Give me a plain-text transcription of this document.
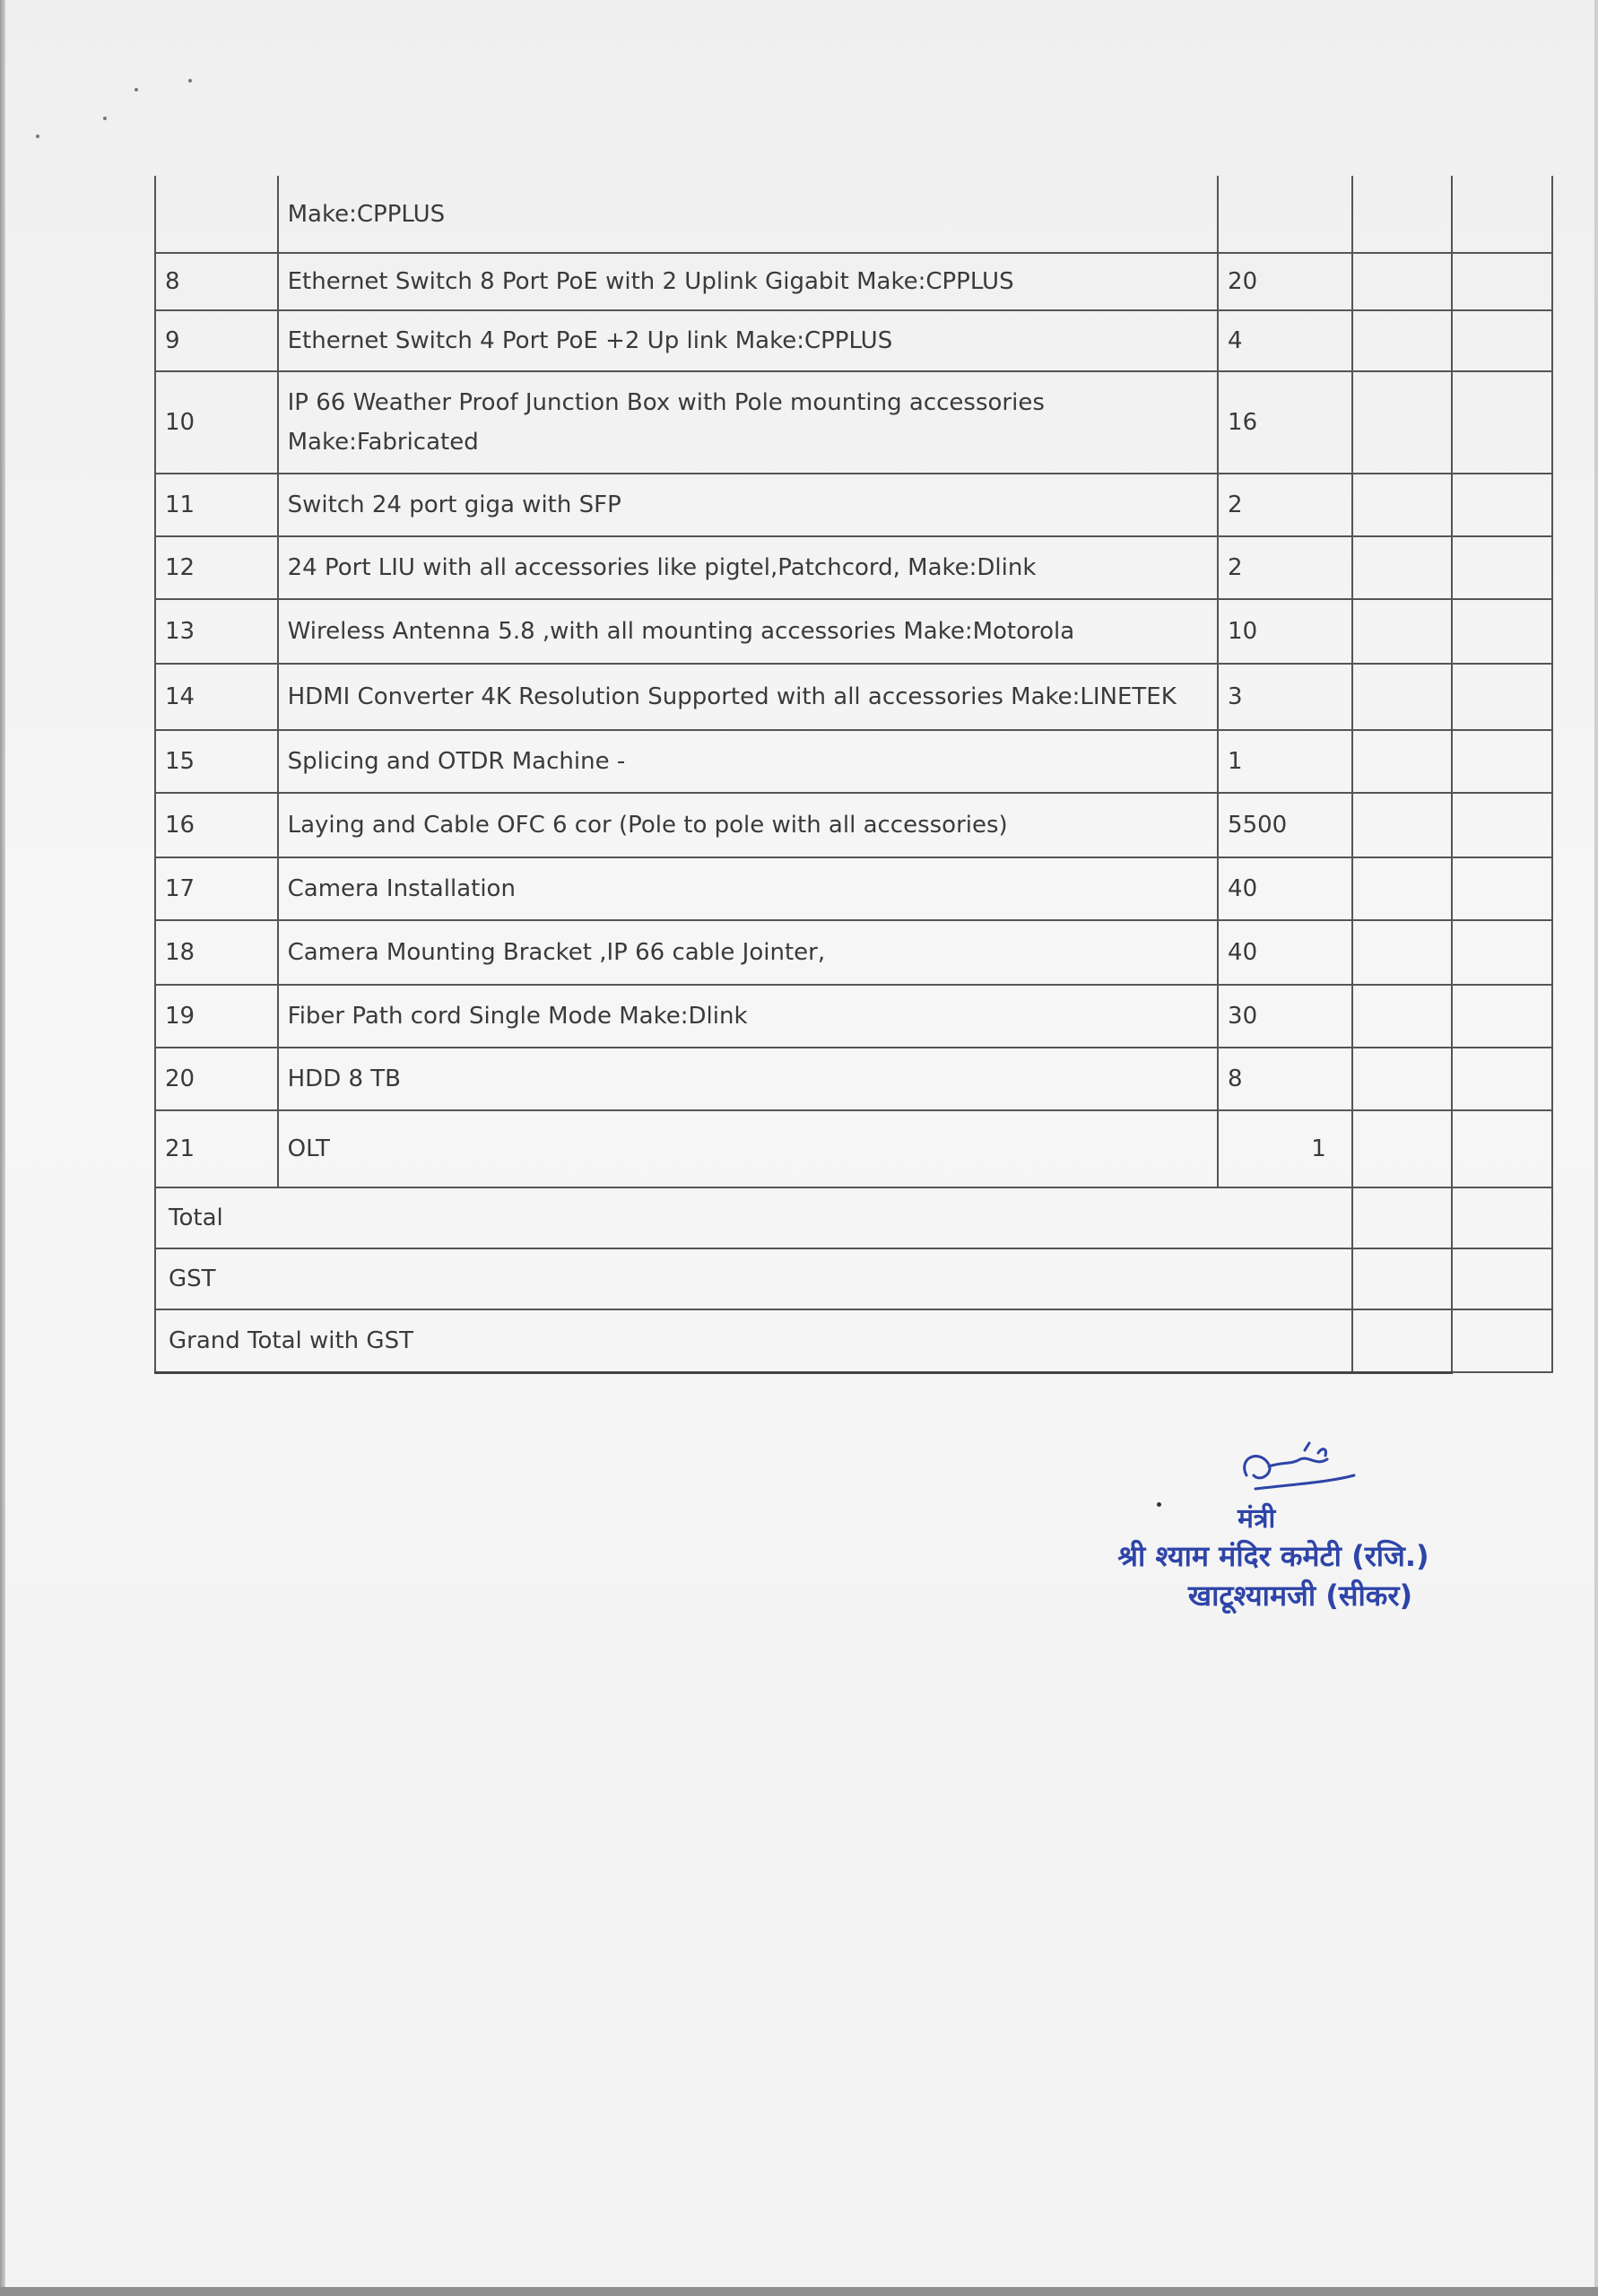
	Make:CPPLUS			
8	Ethernet Switch 8 Port PoE with 2 Uplink Gigabit Make:CPPLUS	20		
9	Ethernet Switch 4 Port PoE +2 Up link Make:CPPLUS	4		
10	IP 66 Weather Proof Junction Box with Pole mounting accessories
Make:Fabricated	16		
11	Switch 24 port giga with SFP	2		
12	24 Port LIU with all accessories like pigtel,Patchcord, Make:Dlink	2		
13	Wireless Antenna 5.8 ,with all mounting accessories Make:Motorola	10		
14	HDMI Converter 4K Resolution Supported with all accessories Make:LINETEK	3		
15	Splicing and OTDR Machine -	1		
16	Laying and Cable OFC 6 cor (Pole to pole with all accessories)	5500		
17	Camera Installation	40		
18	Camera Mounting Bracket ,IP 66 cable Jointer,	40		
19	Fiber Path cord Single Mode Make:Dlink	30		
20	HDD 8 TB	8		
21	OLT	1		
Total				
GST				
Grand Total with GST				
मंत्री
श्री श्याम मंदिर कमेटी (रजि.)
खाटूश्यामजी (सीकर)
